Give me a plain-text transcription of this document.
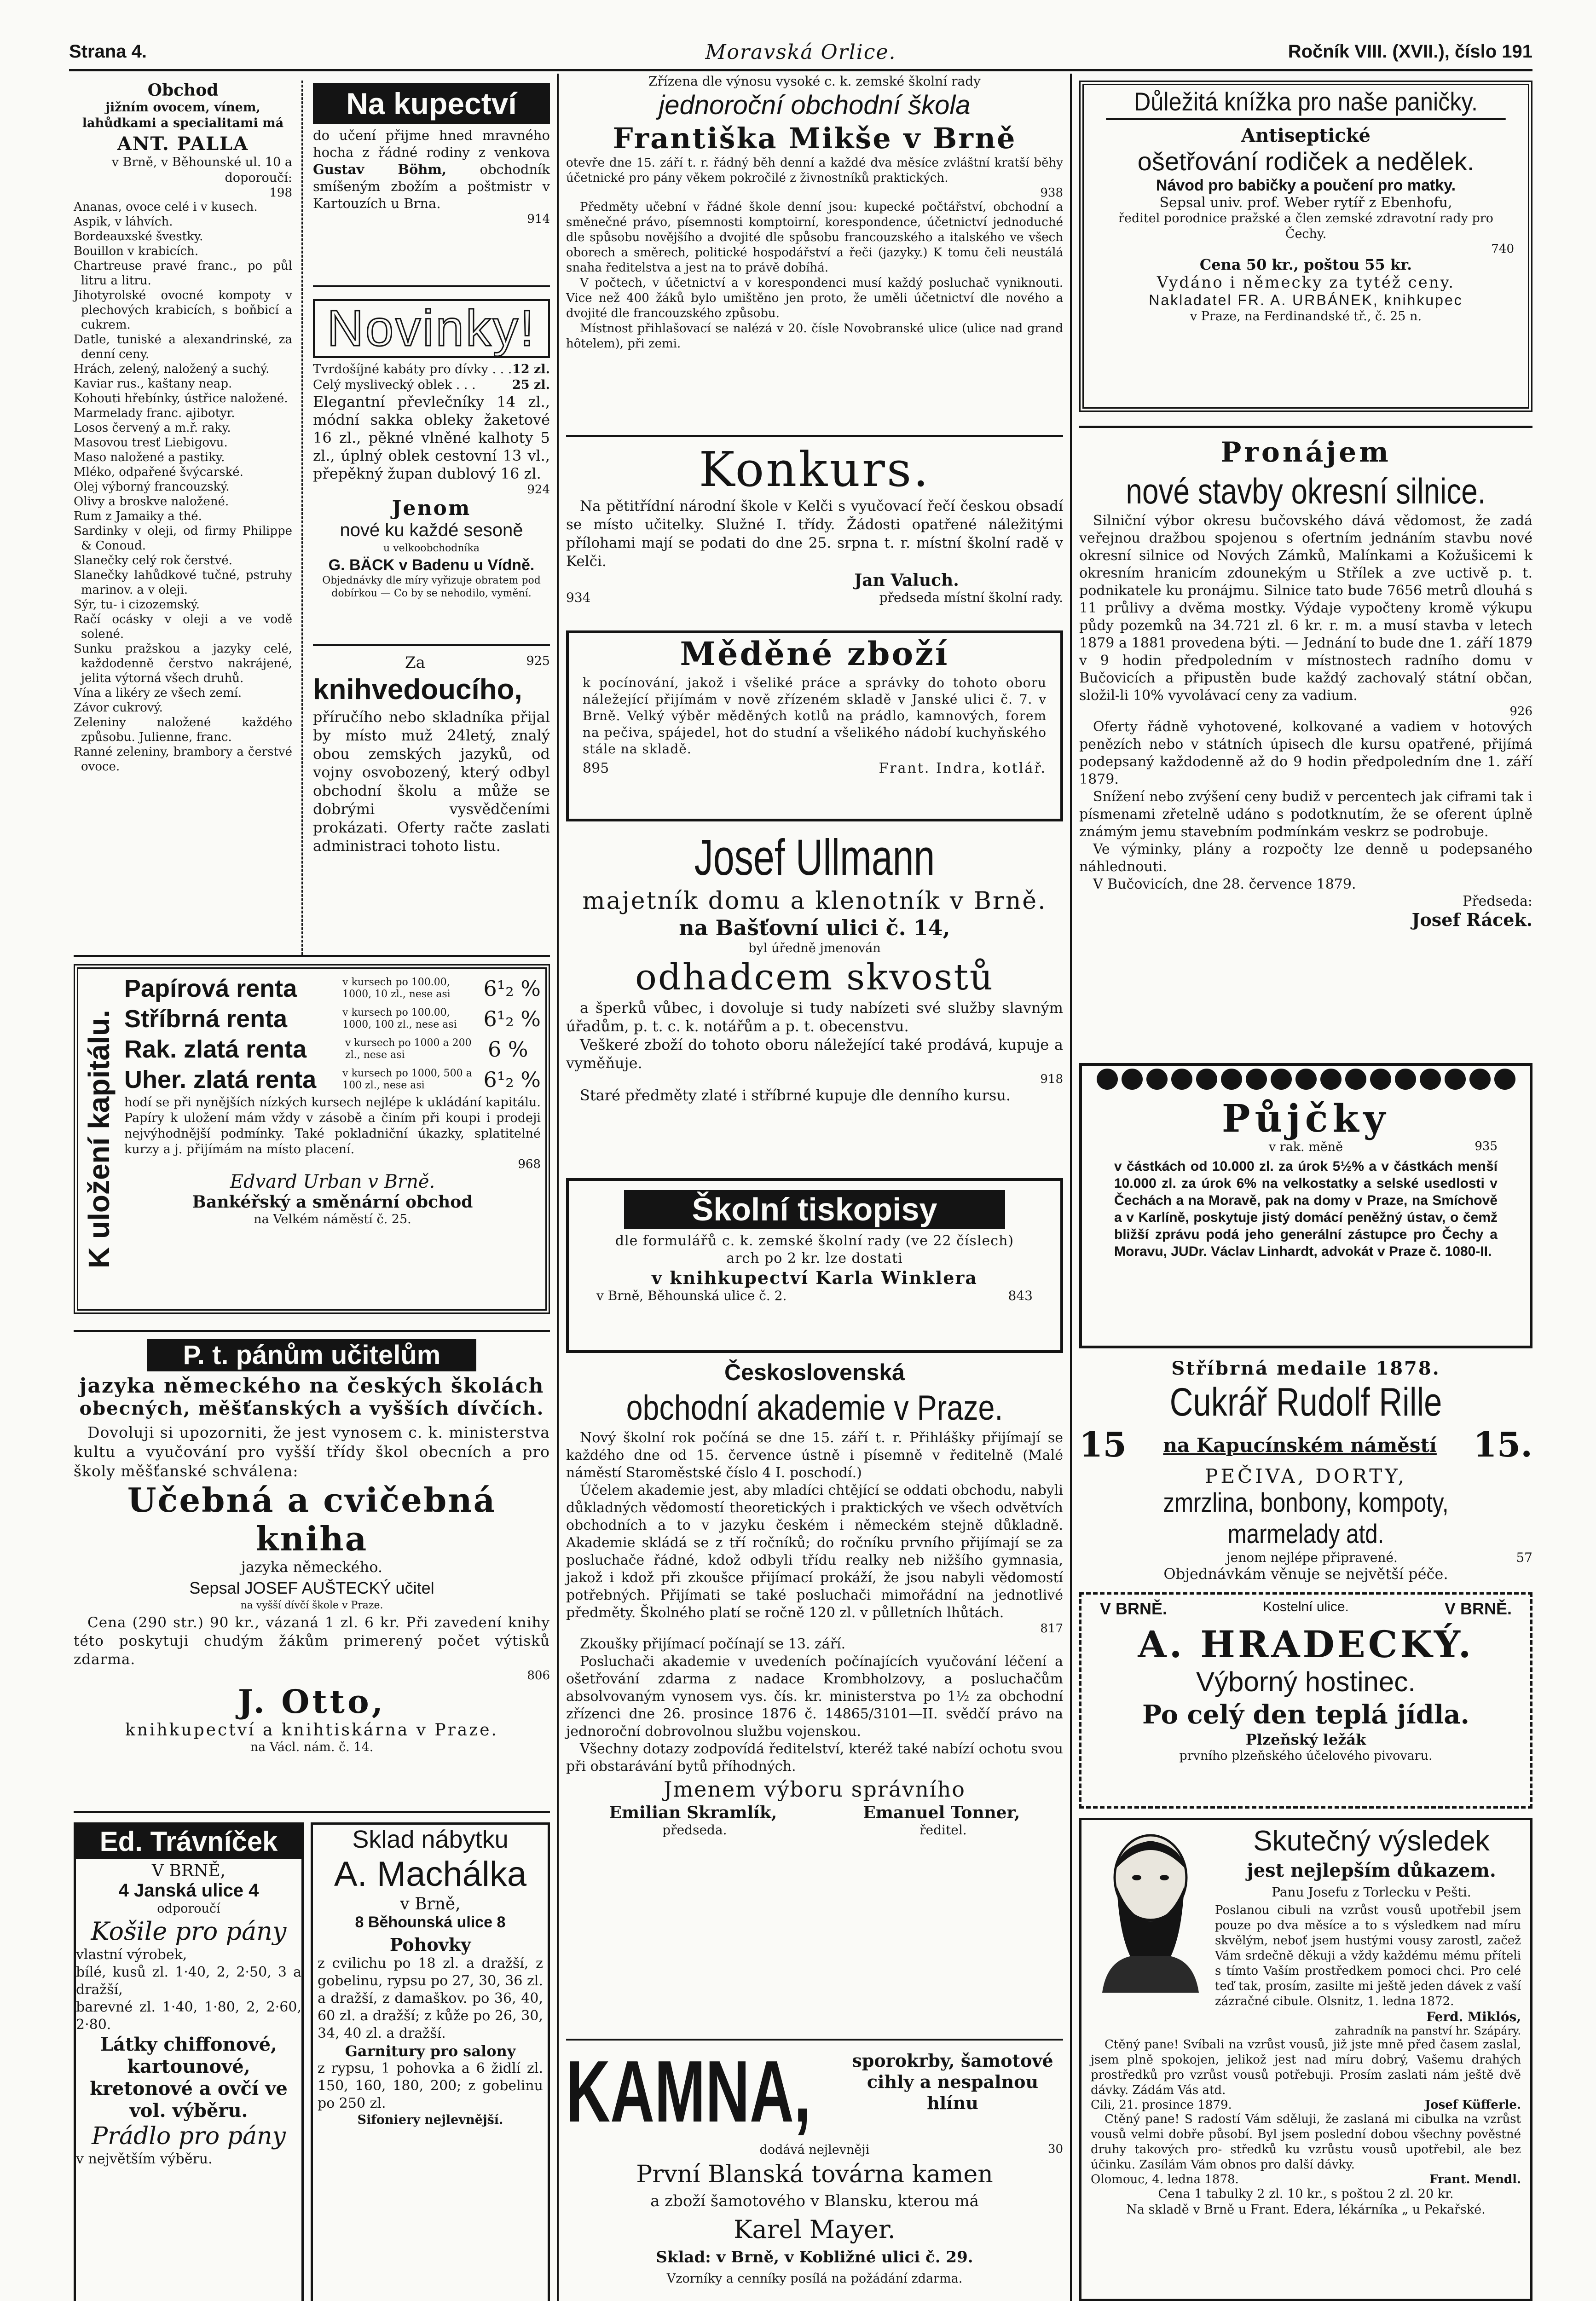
Strana 4.	Moravská Orlice.	Ročník VIII. (XVII.), číslo 191
Obchod
jižním ovocem, vínem, lahůdkami a specialitami má
ANT. PALLA
v Brně, v Běhounské ul. 10 a doporoučí:
198
Ananas, ovoce celé i v kusech.
Aspik, v láhvích.
Bordeauxské švestky.
Bouillon v krabicích.
Chartreuse pravé franc., po půl litru a litru.
Jihotyrolské ovocné kompoty v plechových krabicích, s boňbicí a cukrem.
Datle, tuniské a alexandrinské, za denní ceny.
Hrách, zelený, naložený a suchý.
Kaviar rus., kaštany neap.
Kohouti hřebínky, ústřice naložené.
Marmelady franc. ajibotyr.
Losos červený a m.ř. raky.
Masovou tresť Liebigovu.
Maso naložené a pastiky.
Mléko, odpařené švýcarské.
Olej výborný francouzský.
Olivy a broskve naložené.
Rum z Jamaiky a thé.
Sardinky v oleji, od firmy Philippe & Conoud.
Slanečky celý rok čerstvé.
Slanečky lahůdkové tučné, pstruhy marinov. a v oleji.
Sýr, tu- i cizozemský.
Račí ocásky v oleji a ve vodě solené.
Sunku pražskou a jazyky celé, každodenně čerstvo nakrájené, jelita výtorná všech druhů.
Vína a likéry ze všech zemí.
Závor cukrový.
Zeleniny naložené každého způsobu. Julienne, franc.
Ranné zeleniny, brambory a čerstvé ovoce.
Na kupectví
do učení přijme hned mravného hocha z řádné rodiny z venkova Gustav Böhm, obchodník smíšeným zbožím a poštmistr v Kartouzích u Brna.
914
Novinky!
Tvrdošíjné kabáty pro dívky . . . 12 zl.
Celý myslivecký oblek . . .	25 zl.
Elegantní převlečníky 14 zl., módní sakka obleky žaketové 16 zl., pěkné vlněné kalhoty 5 zl., úplný oblek cestovní 13 vl., přepěkný župan dublový 16 zl.
924
Jenom
nové ku každé sesoně
u velkoobchodníka
G. BÄCK v Badenu u Vídně.
Objednávky dle míry vyřizuje obratem pod dobírkou — Co by se nehodilo, vymění.
Za	925
knihvedoucího,
příručího nebo skladníka přijal by místo muž 24letý, znalý obou zemských jazyků, od vojny osvobozený, který odbyl obchodní školu a může se dobrými vysvědčeními prokázati. Oferty račte zaslati administraci tohoto listu.
K uložení kapitálu.
Papírová renta	v kursech po 100.00, 1000, 10 zl., nese asi	6¹₂ %
Stříbrná renta	v kursech po 100.00, 1000, 100 zl., nese asi	6¹₂ %
Rak. zlatá renta	v kursech po 1000 a 200 zl., nese asi	6 %
Uher. zlatá renta	v kursech po 1000, 500 a 100 zl., nese asi	6¹₂ %
hodí se při nynějších nízkých kursech nejlépe k ukládání kapitálu. Papíry k uložení mám vždy v zásobě a činím při koupi i prodeji nejvýhodnější podmínky. Také pokladniční úkazky, splatitelné kurzy a j. přijímám na místo placení.
968
Edvard Urban v Brně.
Bankéřský a směnární obchod
na Velkém náměstí č. 25.
P. t. pánům učitelům
jazyka německého na českých školách
obecných, měšťanských a vyšších dívčích.
Dovoluji si upozorniti, že jest vynosem c. k. ministerstva kultu a vyučování pro vyšší třídy škol obecních a pro školy měšťanské schválena:
Učebná a cvičebná kniha
jazyka německého.
Sepsal JOSEF AUŠTECKÝ učitel
na vyšší dívčí škole v Praze.
Cena (290 str.) 90 kr., vázaná 1 zl. 6 kr. Při zavedení knihy této poskytuji chudým žákům primerený počet výtisků zdarma.
806
J. Otto,
knihkupectví a knihtiskárna v Praze.
na Václ. nám. č. 14.
Ed. Trávníček
V BRNĚ,
4 Janská ulice 4
odporoučí
Košile pro pány
vlastní výrobek,
bílé, kusů zl. 1·40, 2, 2·50, 3 a dražší,
barevné zl. 1·40, 1·80, 2, 2·60, 2·80.
Látky chiffonové, kartounové, kretonové a ovčí ve vol. výběru.
Prádlo pro pány
v největším výběru.
Sklad nábytku
A. Machálka
v Brně,
8 Běhounská ulice 8
Pohovky
z cvilichu po 18 zl. a dražší, z gobelinu, rypsu po 27, 30, 36 zl. a dražší, z damaškov. po 36, 40, 60 zl. a dražší; z kůže po 26, 30, 34, 40 zl. a dražší.
Garnitury pro salony
z rypsu, 1 pohovka a 6 židlí zl. 150, 160, 180, 200; z gobelinu po 250 zl.
Sifoniery nejlevnější.
Zřízena dle výnosu vysoké c. k. zemské školní rady
jednoroční obchodní škola
Františka Mikše v Brně
otevře dne 15. září t. r. řádný běh denní a každé dva měsíce zvláštní kratší běhy účetnické pro pány věkem pokročilé z živnostníků praktických.
938
Předměty učební v řádné škole denní jsou: kupecké počtářství, obchodní a směnečné právo, písemnosti komptoirní, korespondence, účetnictví jednoduché dle spůsobu novějšího a dvojité dle spůsobu francouzského a italského ve všech oborech a směrech, politické hospodářství a řeči (jazyky.) K tomu čeli neustálá snaha ředitelstva a jest na to právě dobíhá.
V počtech, v účetnictví a v korespondenci musí každý posluchač vyniknouti. Vice než 400 žáků bylo umištěno jen proto, že uměli účetnictví dle nového a dvojité dle francouzského způsobu.
Místnost přihlašovací se nalézá v 20. čísle Novobranské ulice (ulice nad grand hôtelem), při zemi.
Konkurs.
Na pětitřídní národní škole v Kelči s vyučovací řečí českou obsadí se místo učitelky. Služné I. třídy. Žádosti opatřené náležitými přílohami mají se podati do dne 25. srpna t. r. místní školní radě v Kelči.
Jan Valuch.
934	předseda místní školní rady.
Měděné zboží
k pocínování, jakož i všeliké práce a správky do tohoto oboru náležející přijímám v nově zřízeném skladě v Janské ulici č. 7. v Brně. Velký výběr měděných kotlů na prádlo, kamnových, forem na pečiva, spájedel, hot do studní a všelikého nádobí kuchyňského stále na skladě.
895	Frant. Indra, kotlář.
Josef Ullmann
majetník domu a klenotník v Brně.
na Bašťovní ulici č. 14,
byl úředně jmenován
odhadcem skvostů
a šperků vůbec, i dovoluje si tudy nabízeti své služby slavným úřadům, p. t. c. k. notářům a p. t. obecenstvu.
Veškeré zboží do tohoto oboru náležející také prodává, kupuje a vyměňuje.
918
Staré předměty zlaté i stříbrné kupuje dle denního kursu.
Školní tiskopisy
dle formulářů c. k. zemské školní rady (ve 22 číslech) arch po 2 kr. lze dostati
v knihkupectví Karla Winklera
v Brně, Běhounská ulice č. 2.	843
Československá
obchodní akademie v Praze.
Nový školní rok počíná se dne 15. září t. r. Přihlášky přijímají se každého dne od 15. července ústně i písemně v ředitelně (Malé náměstí Staroměstské číslo 4 I. poschodí.)
Účelem akademie jest, aby mladíci chtějící se oddati obchodu, nabyli důkladných vědomostí theoretických i praktických ve všech odvětvích obchodních a to v jazyku českém i německém stejně důkladně. Akademie skládá se z tří ročníků; do ročníku prvního přijímají se za posluchače řádné, kdož odbyli třídu realky neb nižšího gymnasia, jakož i kdož při zkoušce přijímací prokáží, že jsou nabyli vědomostí potřebných. Přijímati se také posluchači mimořádní na jednotlivé předměty. Školného platí se ročně 120 zl. v půlletních lhůtách.
817
Zkoušky přijímací počínají se 13. září.
Posluchači akademie v uvedeních počínajících vyučování léčení a ošetřování zdarma z nadace Krombholzovy, a posluchačům absolvovaným vynosem vys. čís. kr. ministerstva po 1½ za obchodní zřízenci dne 26. prosince 1876 č. 14865/3101—II. svědčí právo na jednoroční dobrovolnou službu vojenskou.
Všechny dotazy zodpovídá ředitelství, kteréž také nabízí ochotu svou při obstarávání bytů příhodných.
Jmenem výboru správního
Emilian Skramlík,	Emanuel Tonner,
předseda.	ředitel.
KAMNA,	sporokrby, šamotové cihly a nespalnou hlínu
dodává nejlevněji	30
První Blanská továrna kamen
a zboží šamotového v Blansku, kterou má
Karel Mayer.
Sklad: v Brně, v Kobližné ulici č. 29.
Vzorníky a cenníky posílá na požádání zdarma.
Důležitá knížka pro naše paničky.
Antiseptické
ošetřování rodiček a nedělek.
Návod pro babičky a poučení pro matky.
Sepsal univ. prof. Weber rytíř z Ebenhofu,
ředitel porodnice pražské a člen zemské zdravotní rady pro Čechy.
740
Cena 50 kr., poštou 55 kr.
Vydáno i německy za tytéž ceny.
Nakladatel FR. A. URBÁNEK, knihkupec
v Praze, na Ferdinandské tř., č. 25 n.
Pronájem
nové stavby okresní silnice.
Silniční výbor okresu bučovského dává vědomost, že zadá veřejnou dražbou spojenou s ofertním jednáním stavbu nové okresní silnice od Nových Zámků, Malínkami a Kožušicemi k okresním hranicím zdounekým u Střílek a zve uctivě p. t. podnikatele ku pronájmu. Silnice tato bude 7656 metrů dlouhá s 11 průlivy a dvěma mostky. Výdaje vypočteny kromě výkupu půdy pozemků na 34.721 zl. 6 kr. r. m. a musí stavba v letech 1879 a 1881 provedena býti. — Jednání to bude dne 1. září 1879 v 9 hodin předpoledním v místnostech radního domu v Bučovicích a připustěn bude každý zachovalý státní občan, složil-li 10% vyvolávací ceny za vadium.
926
Oferty řádně vyhotovené, kolkované a vadiem v hotových penězích nebo v státních úpisech dle kursu opatřené, přijímá podepsaný každodenně až do 9 hodin předpoledním dne 1. září 1879.
Snížení nebo zvýšení ceny budiž v percentech jak ciframi tak i písmenami zřetelně udáno s podotknutím, že se oferent úplně známým jemu stavebním podmínkám veskrz se podrobuje.
Ve výminky, plány a rozpočty lze denně u podepsaného náhlednouti.
V Bučovicích, dne 28. července 1879.
Předseda:
Josef Rácek.
Půjčky
v rak. měně	935
v částkách od 10.000 zl. za úrok 5½% a v částkách menší 10.000 zl. za úrok 6% na velkostatky a selské usedlosti v Čechách a na Moravě, pak na domy v Praze, na Smíchově a v Karlíně, poskytuje jistý domácí peněžný ústav, o čemž bližší zprávu podá jeho generální zástupce pro Čechy a Moravu, JUDr. Václav Linhardt, advokát v Praze č. 1080-II.
Stříbrná medaile 1878.
Cukrář Rudolf Rille
15 na Kapucínském náměstí 15.
PEČIVA, DORTY,
zmrzlina, bonbony, kompoty, marmelady atd.
jenom nejlépe připravené.	57
Objednávkám věnuje se největší péče.
V BRNĚ.	Kostelní ulice.	V BRNĚ.
A. HRADECKÝ.
Výborný hostinec.
Po celý den teplá jídla.
Plzeňský ležák
prvního plzeňského účelového pivovaru.
Skutečný výsledek
jest nejlepším důkazem.
Panu Josefu z Torlecku v Pešti.
Poslanou cibuli na vzrůst vousů upotřebil jsem pouze po dva měsíce a to s výsledkem nad míru skvělým, neboť jsem hustými vousy zarostl, začež Vám srdečně děkuji a vždy každému mému příteli s tímto Vaším prostředkem pomoci chci. Pro celé teď tak, prosím, zasilte mi ještě jeden dávek z vaší zázračné cibule. Olsnitz, 1. ledna 1872.
Ferd. Miklós,
zahradník na panství hr. Szápáry.
Ctěný pane! Svíbali na vzrůst vousů, již jste mně před časem zaslal, jsem plně spokojen, jelikož jest nad míru dobrý, Vašemu drahých prostředků pro vzrůst vousů potřebuji. Prosím zaslati nám ještě dvě dávky. Zádám Vás atd.
Cili, 21. prosince 1879.	Josef Küfferle.
Ctěný pane! S radostí Vám sděluji, že zaslaná mi cibulka na vzrůst vousů velmi dobře působí. Byl jsem poslední dobou všechny pověstné druhy takových pro- středků ku vzrůstu vousů upotřebil, ale bez účinku. Zasílám Vám obnos pro další dávky.
Olomouc, 4. ledna 1878.	Frant. Mendl.
Cena 1 tabulky 2 zl. 10 kr., s poštou 2 zl. 20 kr.
Na skladě v Brně u Frant. Edera, lékárníka „ u Pekařské.
